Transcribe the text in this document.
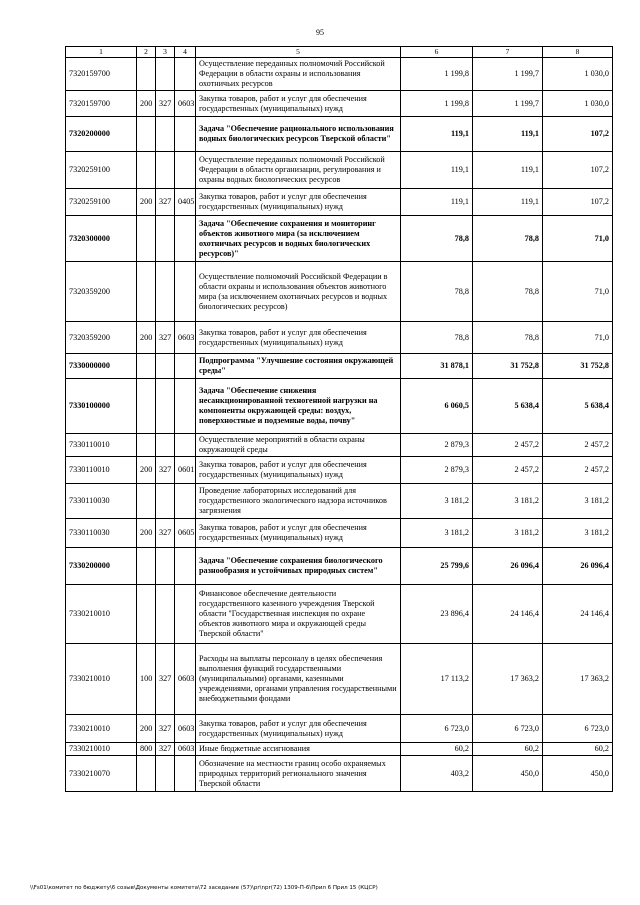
95
1	2	3	4	5	6	7	8
7320159700				Осуществление переданных полномочий Российской Федерации в области охраны и использования охотничьих ресурсов	1 199,8	1 199,7	1 030,0
7320159700	200	327	0603	Закупка товаров, работ и услуг для обеспечения государственных (муниципальных) нужд	1 199,8	1 199,7	1 030,0
7320200000				Задача "Обеспечение рационального использования водных биологических ресурсов Тверской области"	119,1	119,1	107,2
7320259100				Осуществление переданных полномочий Российской Федерации в области организации, регулирования и охраны водных биологических ресурсов	119,1	119,1	107,2
7320259100	200	327	0405	Закупка товаров, работ и услуг для обеспечения государственных (муниципальных) нужд	119,1	119,1	107,2
7320300000				Задача "Обеспечение сохранения и мониторинг объектов животного мира (за исключением охотничьих ресурсов и водных биологических ресурсов)"	78,8	78,8	71,0
7320359200				Осуществление полномочий Российской Федерации в области охраны и использования объектов животного мира (за исключением охотничьих ресурсов и водных биологических ресурсов)	78,8	78,8	71,0
7320359200	200	327	0603	Закупка товаров, работ и услуг для обеспечения государственных (муниципальных) нужд	78,8	78,8	71,0
7330000000				Подпрограмма "Улучшение состояния окружающей среды"	31 878,1	31 752,8	31 752,8
7330100000				Задача "Обеспечение снижения несанкционированной техногенной нагрузки на компоненты окружающей среды: воздух, поверхностные и подземные воды, почву"	6 060,5	5 638,4	5 638,4
7330110010				Осуществление мероприятий в области охраны окружающей среды	2 879,3	2 457,2	2 457,2
7330110010	200	327	0601	Закупка товаров, работ и услуг для обеспечения государственных (муниципальных) нужд	2 879,3	2 457,2	2 457,2
7330110030				Проведение лабораторных исследований для государственного экологического надзора источников загрязнения	3 181,2	3 181,2	3 181,2
7330110030	200	327	0605	Закупка товаров, работ и услуг для обеспечения государственных (муниципальных) нужд	3 181,2	3 181,2	3 181,2
7330200000				Задача "Обеспечение сохранения биологического разнообразия и устойчивых природных систем"	25 799,6	26 096,4	26 096,4
7330210010				Финансовое обеспечение деятельности государственного казенного учреждения Тверской области "Государственная инспекция по охране объектов животного мира и окружающей среды Тверской области"	23 896,4	24 146,4	24 146,4
7330210010	100	327	0603	Расходы на выплаты персоналу в целях обеспечения выполнения функций государственными (муниципальными) органами, казенными учреждениями, органами управления государственными внебюджетными фондами	17 113,2	17 363,2	17 363,2
7330210010	200	327	0603	Закупка товаров, работ и услуг для обеспечения государственных (муниципальных) нужд	6 723,0	6 723,0	6 723,0
7330210010	800	327	0603	Иные бюджетные ассигнования	60,2	60,2	60,2
7330210070				Обозначение на местности границ особо охраняемых природных территорий регионального значения Тверской области	403,2	450,0	450,0
\\Fs01\комитет по бюджету\6 созыв\Документы комитета\72 заседание (57)\pr\npr(72) 1309-П-6\Прил 6 Прил 15 (КЦСР)
